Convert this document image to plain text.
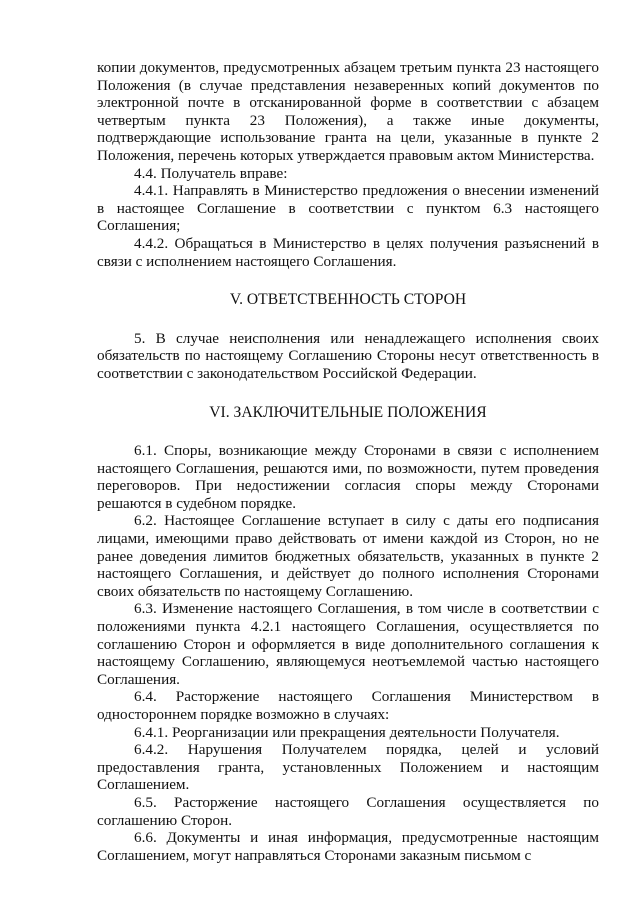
копии документов, предусмотренных абзацем третьим пункта 23 настоящего Положения (в случае представления незаверенных копий документов по электронной почте в отсканированной форме в соответствии с абзацем четвертым пункта 23 Положения), а также иные документы, подтверждающие использование гранта на цели, указанные в пункте 2 Положения, перечень которых утверждается правовым актом Министерства.

4.4. Получатель вправе:

4.4.1. Направлять в Министерство предложения о внесении изменений в настоящее Соглашение в соответствии с пунктом 6.3 настоящего Соглашения;

4.4.2. Обращаться в Министерство в целях получения разъяснений в связи с исполнением настоящего Соглашения.

V. ОТВЕТСТВЕННОСТЬ СТОРОН

5. В случае неисполнения или ненадлежащего исполнения своих обязательств по настоящему Соглашению Стороны несут ответственность в соответствии с законодательством Российской Федерации.

VI. ЗАКЛЮЧИТЕЛЬНЫЕ ПОЛОЖЕНИЯ

6.1. Споры, возникающие между Сторонами в связи с исполнением настоящего Соглашения, решаются ими, по возможности, путем проведения переговоров. При недостижении согласия споры между Сторонами решаются в судебном порядке.

6.2. Настоящее Соглашение вступает в силу с даты его подписания лицами, имеющими право действовать от имени каждой из Сторон, но не ранее доведения лимитов бюджетных обязательств, указанных в пункте 2 настоящего Соглашения, и действует до полного исполнения Сторонами своих обязательств по настоящему Соглашению.

6.3. Изменение настоящего Соглашения, в том числе в соответствии с положениями пункта 4.2.1 настоящего Соглашения, осуществляется по соглашению Сторон и оформляется в виде дополнительного соглашения к настоящему Соглашению, являющемуся неотъемлемой частью настоящего Соглашения.

6.4. Расторжение настоящего Соглашения Министерством в одностороннем порядке возможно в случаях:

6.4.1. Реорганизации или прекращения деятельности Получателя.

6.4.2. Нарушения Получателем порядка, целей и условий предоставления гранта, установленных Положением и настоящим Соглашением.

6.5. Расторжение настоящего Соглашения осуществляется по соглашению Сторон.

6.6. Документы и иная информация, предусмотренные настоящим Соглашением, могут направляться Сторонами заказным письмом с
